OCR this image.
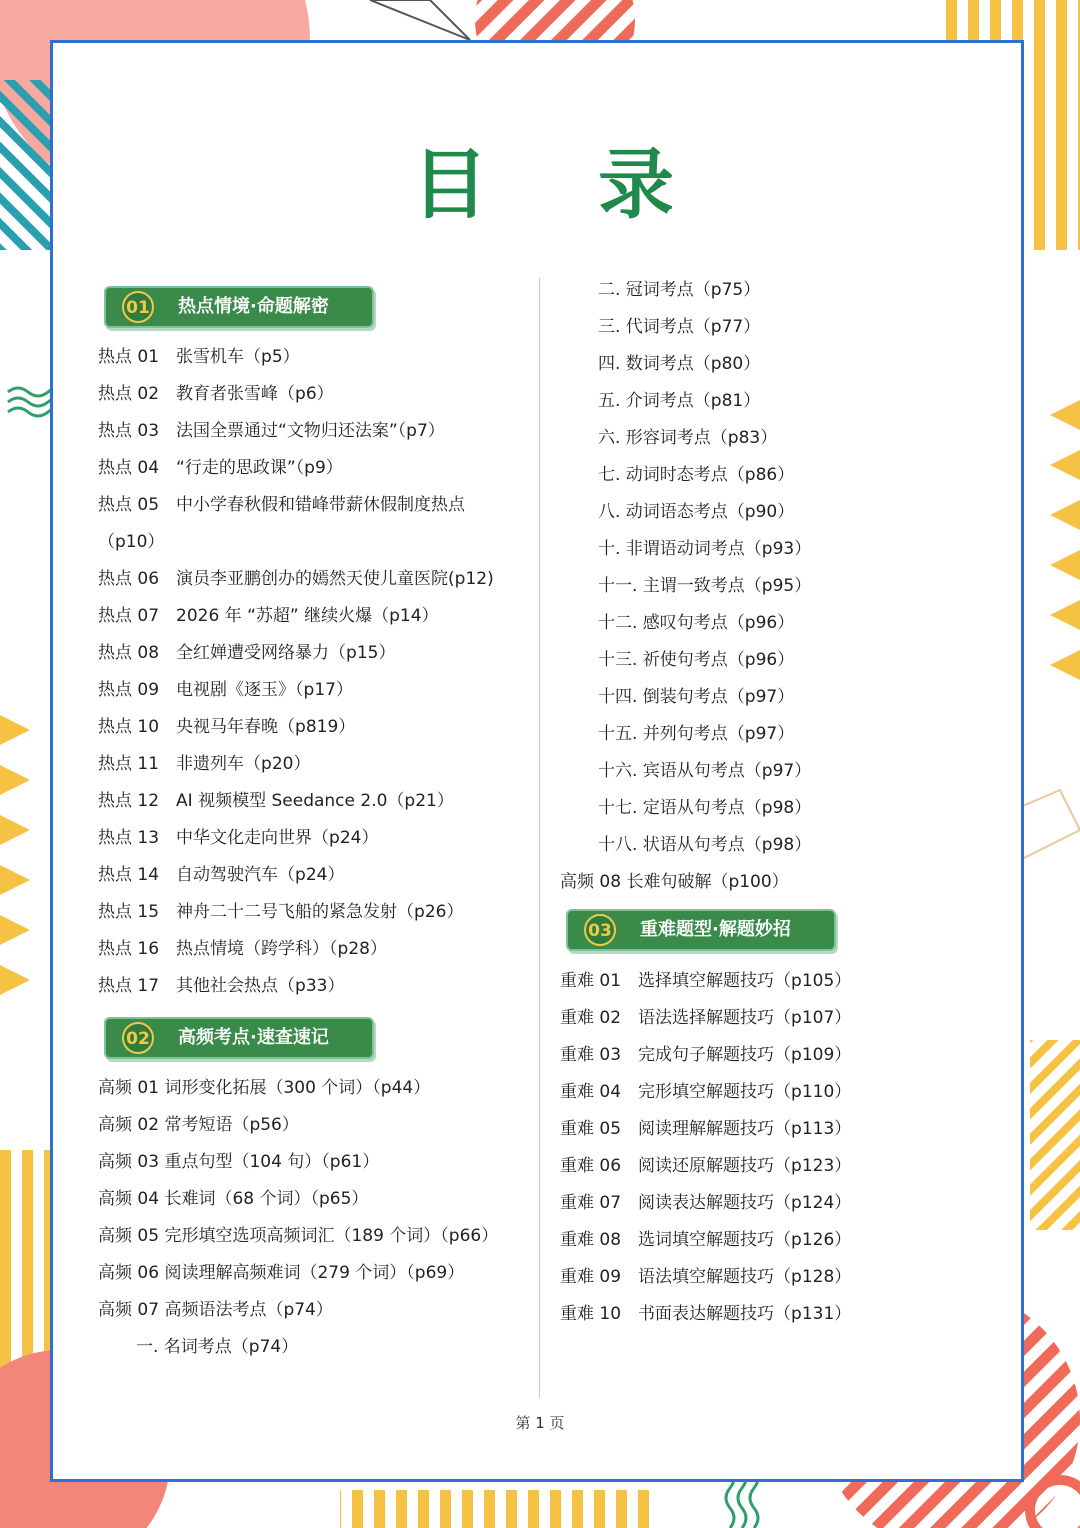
目 录
01 热点情境·命题解密
热点 01　张雪机车（p5）
热点 02　教育者张雪峰（p6）
热点 03　法国全票通过“文物归还法案”（p7）
热点 04　“行走的思政课”（p9）
热点 05　中小学春秋假和错峰带薪休假制度热点
（p10）
热点 06　演员李亚鹏创办的嫣然天使儿童医院(p12)
热点 07　2026 年 “苏超” 继续火爆（p14）
热点 08　全红婵遭受网络暴力（p15）
热点 09　电视剧《逐玉》（p17）
热点 10　央视马年春晚（p819）
热点 11　非遗列车（p20）
热点 12　AI 视频模型 Seedance 2.0（p21）
热点 13　中华文化走向世界（p24）
热点 14　自动驾驶汽车（p24）
热点 15　神舟二十二号飞船的紧急发射（p26）
热点 16　热点情境（跨学科）（p28）
热点 17　其他社会热点（p33）
02 高频考点·速查速记
高频 01 词形变化拓展（300 个词）（p44）
高频 02 常考短语（p56）
高频 03 重点句型（104 句）（p61）
高频 04 长难词（68 个词）（p65）
高频 05 完形填空选项高频词汇（189 个词）（p66）
高频 06 阅读理解高频难词（279 个词）（p69）
高频 07 高频语法考点（p74）
一. 名词考点（p74）
二. 冠词考点（p75）
三. 代词考点（p77）
四. 数词考点（p80）
五. 介词考点（p81）
六. 形容词考点（p83）
七. 动词时态考点（p86）
八. 动词语态考点（p90）
十. 非谓语动词考点（p93）
十一. 主谓一致考点（p95）
十二. 感叹句考点（p96）
十三. 祈使句考点（p96）
十四. 倒装句考点（p97）
十五. 并列句考点（p97）
十六. 宾语从句考点（p97）
十七. 定语从句考点（p98）
十八. 状语从句考点（p98）
高频 08 长难句破解（p100）
03 重难题型·解题妙招
重难 01　选择填空解题技巧（p105）
重难 02　语法选择解题技巧（p107）
重难 03　完成句子解题技巧（p109）
重难 04　完形填空解题技巧（p110）
重难 05　阅读理解解题技巧（p113）
重难 06　阅读还原解题技巧（p123）
重难 07　阅读表达解题技巧（p124）
重难 08　选词填空解题技巧（p126）
重难 09　语法填空解题技巧（p128）
重难 10　书面表达解题技巧（p131）
第 1 页
